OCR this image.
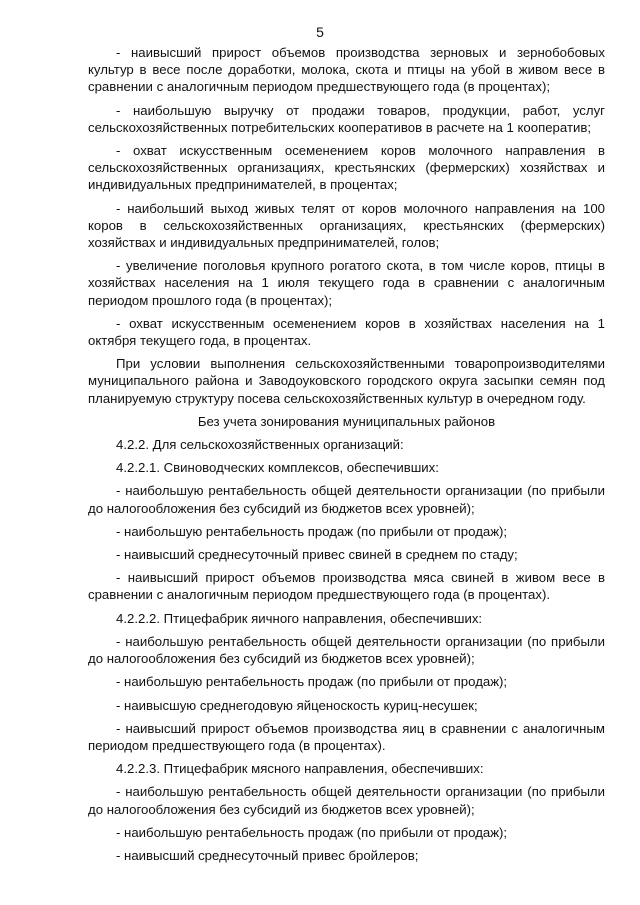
5

- наивысший прирост объемов производства зерновых и зернобобовых культур в весе после доработки, молока, скота и птицы на убой в живом весе в сравнении с аналогичным периодом предшествующего года (в процентах);

- наибольшую выручку от продажи товаров, продукции, работ, услуг сельскохозяйственных потребительских кооперативов в расчете на 1 кооператив;

- охват искусственным осеменением коров молочного направления в сельскохозяйственных организациях, крестьянских (фермерских) хозяйствах и индивидуальных предпринимателей, в процентах;

- наибольший выход живых телят от коров молочного направления на 100 коров в сельскохозяйственных организациях, крестьянских (фермерских) хозяйствах и индивидуальных предпринимателей, голов;

- увеличение поголовья крупного рогатого скота, в том числе коров, птицы в хозяйствах населения на 1 июля текущего года в сравнении с аналогичным периодом прошлого года (в процентах);

- охват искусственным осеменением коров в хозяйствах населения на 1 октября текущего года, в процентах.

При условии выполнения сельскохозяйственными товаропроизводителями муниципального района и Заводоуковского городского округа засыпки семян под планируемую структуру посева сельскохозяйственных культур в очередном году.

Без учета зонирования муниципальных районов

4.2.2. Для сельскохозяйственных организаций:

4.2.2.1. Свиноводческих комплексов, обеспечивших:

- наибольшую рентабельность общей деятельности организации (по прибыли до налогообложения без субсидий из бюджетов всех уровней);

- наибольшую рентабельность продаж (по прибыли от продаж);

- наивысший среднесуточный привес свиней в среднем по стаду;

- наивысший прирост объемов производства мяса свиней в живом весе в сравнении с аналогичным периодом предшествующего года (в процентах).

4.2.2.2. Птицефабрик яичного направления, обеспечивших:

- наибольшую рентабельность общей деятельности организации (по прибыли до налогообложения без субсидий из бюджетов всех уровней);

- наибольшую рентабельность продаж (по прибыли от продаж);

- наивысшую среднегодовую яйценоскость куриц-несушек;

- наивысший прирост объемов производства яиц в сравнении с аналогичным периодом предшествующего года (в процентах).

4.2.2.3. Птицефабрик мясного направления, обеспечивших:

- наибольшую рентабельность общей деятельности организации (по прибыли до налогообложения без субсидий из бюджетов всех уровней);

- наибольшую рентабельность продаж (по прибыли от продаж);

- наивысший среднесуточный привес бройлеров;
